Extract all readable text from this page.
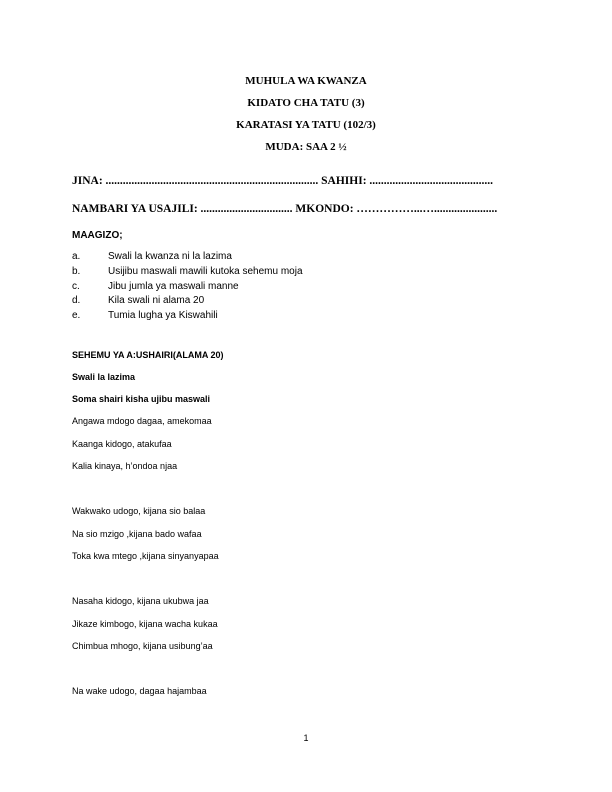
MUHULA WA KWANZA
KIDATO CHA TATU (3)
KARATASI YA TATU (102/3)
MUDA: SAA 2 ½
JINA: .......................................................................... SAHIHI: ...........................................
NAMBARI YA USAJILI: ................................ MKONDO: ……………...…......................
MAAGIZO;
a.	Swali la kwanza ni la lazima
b.	Usijibu maswali mawili kutoka sehemu moja
c.	Jibu jumla ya maswali manne
d.	Kila swali ni alama 20
e.	Tumia lugha ya Kiswahili
SEHEMU YA A:USHAIRI(ALAMA 20)
Swali la lazima
Soma shairi kisha ujibu maswali
Angawa mdogo dagaa, amekomaa
Kaanga kidogo, atakufaa
Kalia kinaya, h’ondoa njaa
Wakwako udogo, kijana sio balaa
Na sio mzigo ,kijana bado wafaa
Toka kwa mtego ,kijana sinyanyapaa
Nasaha kidogo, kijana ukubwa jaa
Jikaze kimbogo, kijana wacha kukaa
Chimbua mhogo, kijana usibung’aa
Na wake udogo, dagaa hajambaa
1
